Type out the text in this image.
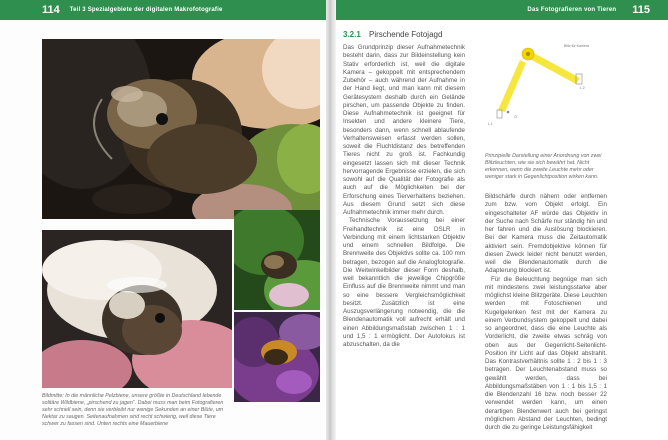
114 Teil 3 Spezialgebiete der digitalen Makrofotografie
Bildmitte: In die männliche Pelzbiene, unsere größte in Deutschland lebende solitäre Wildbiene, „pirschend zu jagen“. Dabei muss man beim Fotografieren sehr schnell sein, denn sie verbleibt nur wenige Sekunden an einer Blüte, um Nektar zu saugen. Seitenaufnahmen sind recht schwierig, weil diese Tiere schwer zu fassen sind. Unten rechts eine Mauerbiene
Das Fotografieren von Tieren 115
3.2.1 Pirschende Fotojagd

Das Grundprinzip dieser Aufnahmetechnik besteht darin, dass zur Bildeinstellung kein Stativ erforderlich ist, weil die digitale Kamera – gekoppelt mit entsprechendem Zubehör – auch während der Aufnahme in der Hand liegt, und man kann mit diesem Gerätesystem deshalb durch ein Gelände pirschen, um passende Objekte zu finden. Diese Aufnahmetechnik ist geeignet für Insekten und andere kleinere Tiere, besonders dann, wenn schnell ablaufende Verhaltensweisen erfasst werden sollen, soweit die Fluchtdistanz des betreffenden Tieres nicht zu groß ist. Fachkundig eingesetzt lassen sich mit dieser Technik hervorragende Ergebnisse erzielen, die sich sowohl auf die Qualität der Fotografie als auch auf die Möglichkeiten bei der Erforschung eines Tierverhaltens beziehen. Aus diesem Grund setzt sich diese Aufnahmetechnik immer mehr durch.

Technische Voraussetzung bei einer Freihandtechnik ist eine DSLR in Verbindung mit einem lichtstarken Objektiv und einem schnellen Bildfolge. Die Brennweite des Objektivs sollte ca. 100 mm betragen, bezogen auf die Analogfotografie. Die Weitwinkelbilder dieser Form deshalb, weil bekanntlich die jeweilige Chipgröße Einfluss auf die Brennweite nimmt und man so eine bessere Vergleichsmöglichkeit besitzt. Zusätzlich ist eine Auszugsverlängerung notwendig, die die Blendenautomatik voll aufrecht erhält und einen Abbildungsmaßstab zwischen 1 : 1 und 1,5 : 1 ermöglicht. Der Autofokus ist abzuschalten, da die

Blitz für Kamera
L 1
L 2
O
Prinzipielle Darstellung einer Anordnung von zwei Blitzleuchten, wie sie sich bewährt hat. Nicht erkennen, wenn die zweite Leuchte mehr oder weniger stark in Gegenlichtposition wirken kann.

Bildschärfe durch nähern oder entfernen zum bzw. vom Objekt erfolgt. Ein eingeschalteter AF würde das Objektiv in der Suche nach Schärfe nur ständig hin und her fahren und die Auslösung blockieren. Bei der Kamera muss die Zeitautomatik aktiviert sein. Fremdobjektive können für diesen Zweck leider nicht benutzt werden, weil die Blendenautomatik durch die Adapterung blockiert ist.

Für die Beleuchtung begnüge man sich mit mindestens zwei leistungsstarke aber möglichst kleine Blitzgeräte. Diese Leuchten werden mit Fotoschienen und Kugelgelenken fest mit der Kamera zu einem Verbundsystem gekoppelt und dabei so angeordnet, dass die eine Leuchte als Vorderlicht, die zweite etwas schräg von oben aus der Gegenlicht-Seitenlicht-Position ihr Licht auf das Objekt abstrahlt. Das Kontrastverhältnis sollte 1 : 2 bis 1 : 3 betragen. Der Leuchtenabstand muss so gewählt werden, dass bei Abbildungsmaßstäben von 1 : 1 bis 1,5 : 1 die Blendenzahl 16 bzw. noch besser 22 verwendet werden kann, um einen derartigen Blendenwert auch bei geringst möglichem Abstand der Leuchten, bedingt durch die zu geringe Leistungsfähigkeit
